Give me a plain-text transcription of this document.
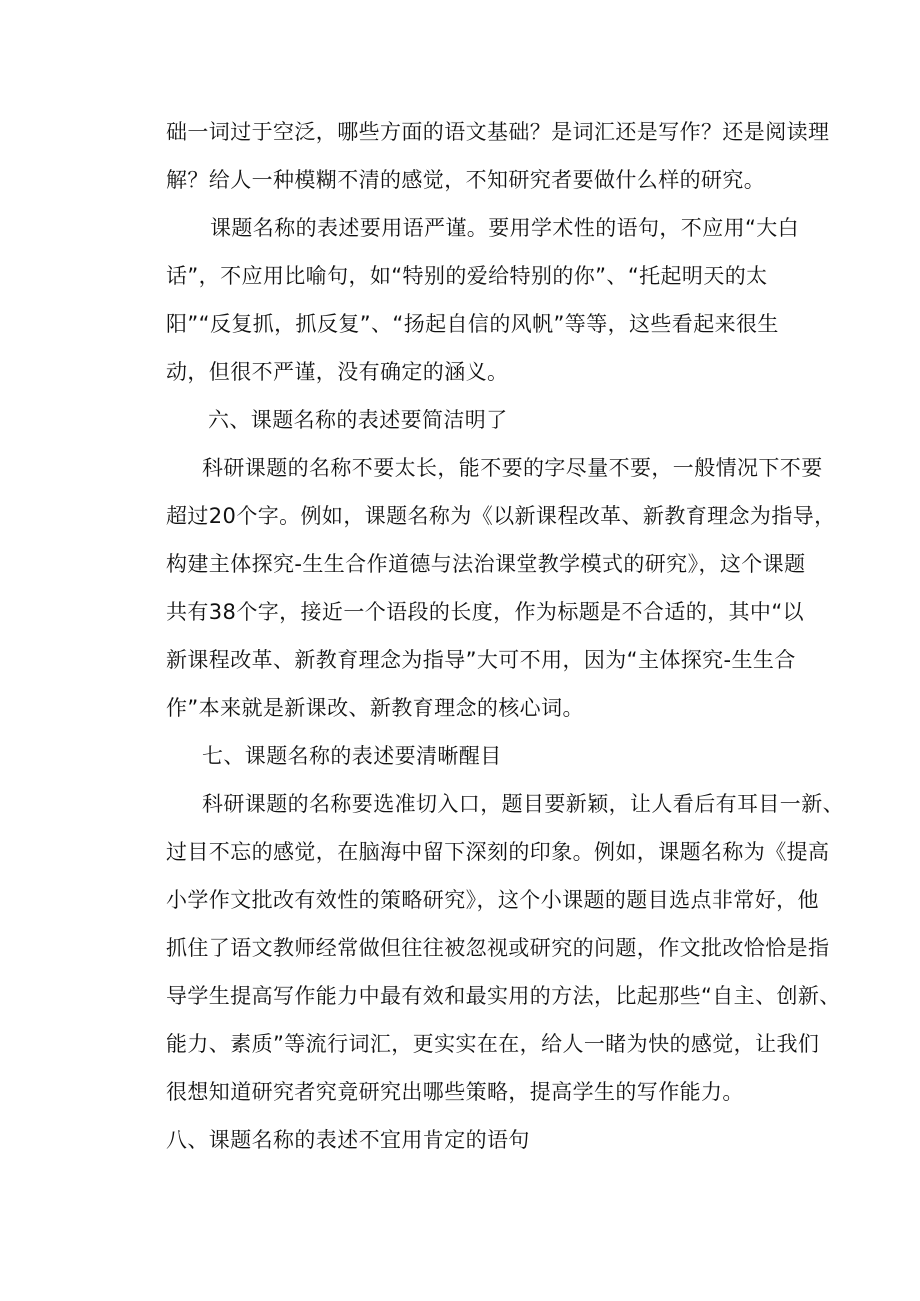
础一词过于空泛，哪些方面的语文基础？是词汇还是写作？还是阅读理
解？给人一种模糊不清的感觉，不知研究者要做什么样的研究。
课题名称的表述要用语严谨。要用学术性的语句，不应用“大白
话”，不应用比喻句，如“特别的爱给特别的你”、“托起明天的太
阳”“反复抓，抓反复”、“扬起自信的风帆”等等，这些看起来很生
动，但很不严谨，没有确定的涵义。
六、课题名称的表述要简洁明了
科研课题的名称不要太长，能不要的字尽量不要，一般情况下不要
超过20个字。例如，课题名称为《以新课程改革、新教育理念为指导，
构建主体探究-生生合作道德与法治课堂教学模式的研究》，这个课题
共有38个字，接近一个语段的长度，作为标题是不合适的，其中“以
新课程改革、新教育理念为指导”大可不用，因为“主体探究-生生合
作”本来就是新课改、新教育理念的核心词。
七、课题名称的表述要清晰醒目
科研课题的名称要选准切入口，题目要新颖，让人看后有耳目一新、
过目不忘的感觉，在脑海中留下深刻的印象。例如，课题名称为《提高
小学作文批改有效性的策略研究》，这个小课题的题目选点非常好，他
抓住了语文教师经常做但往往被忽视或研究的问题，作文批改恰恰是指
导学生提高写作能力中最有效和最实用的方法，比起那些“自主、创新、
能力、素质”等流行词汇，更实实在在，给人一睹为快的感觉，让我们
很想知道研究者究竟研究出哪些策略，提高学生的写作能力。
八、课题名称的表述不宜用肯定的语句
